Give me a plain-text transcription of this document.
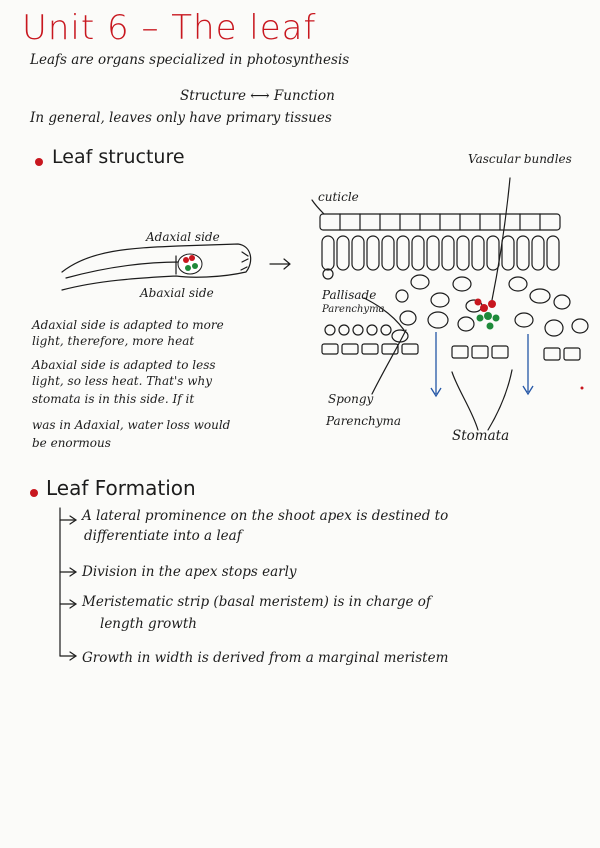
Unit 6 – The leaf
Leafs are organs specialized in photosynthesis
Structure ⟷ Function
In general, leaves only have primary tissues
Leaf structure
Adaxial side
Abaxial side
Vascular bundles
cuticle
Pallisade
Parenchyma
Spongy
Parenchyma
Stomata
Adaxial side is adapted to more
light, therefore, more heat
Abaxial side is adapted to less
light, so less heat. That's why
stomata is in this side. If it
was in Adaxial, water loss would
be enormous
Leaf Formation
A lateral prominence on the shoot apex is destined to
differentiate into a leaf
Division in the apex stops early
Meristematic strip (basal meristem) is in charge of
length growth
Growth in width is derived from a marginal meristem
